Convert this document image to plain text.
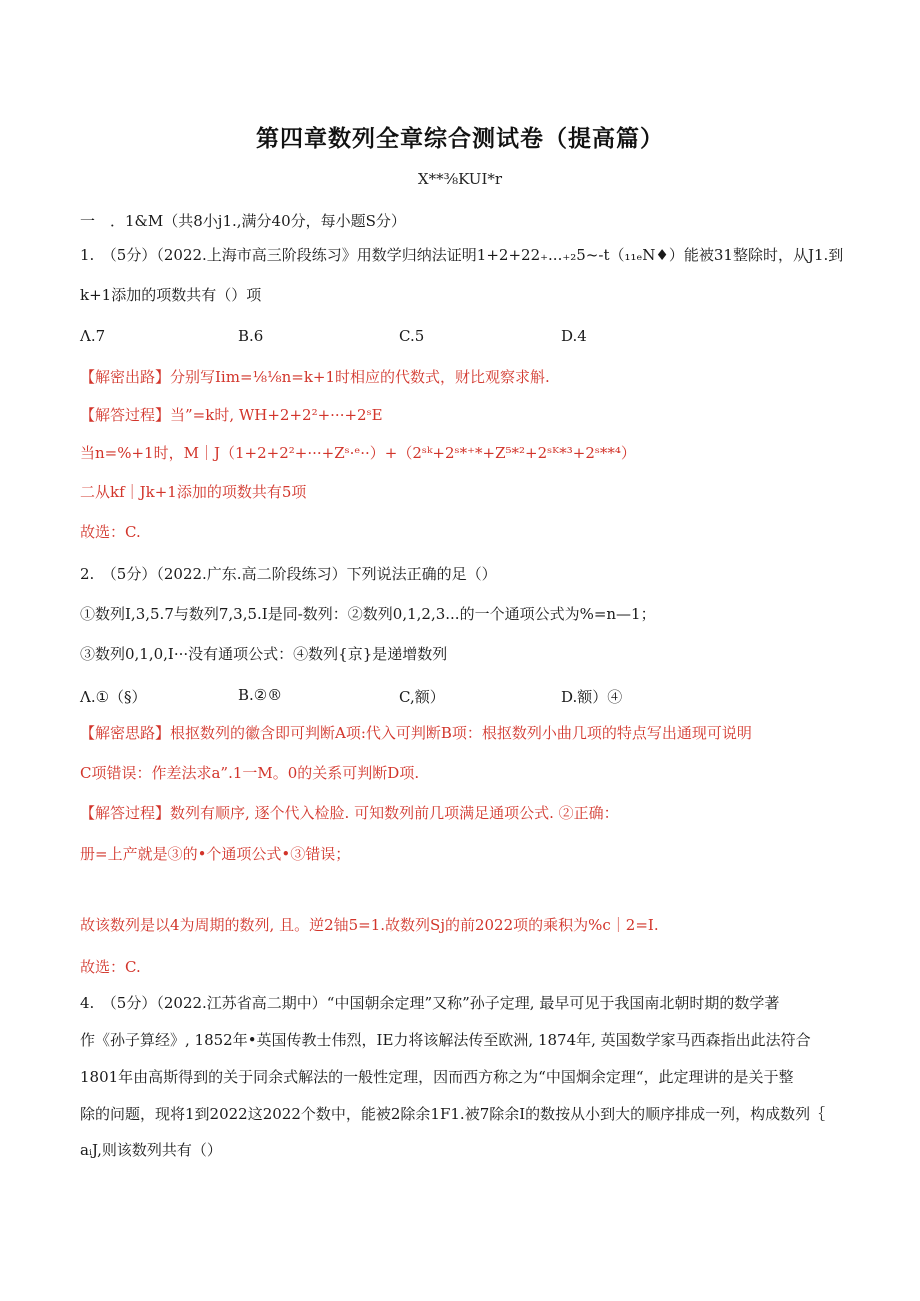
第四章数列全章综合测试卷（提高篇）
X**⅜KUI*r
一　．1&M（共8小j1.,满分40分，每小题S分）
1.　（5分）（2022.上海市高三阶段练习》用数学归纳法证明1+2+22₊...₊₂5~-t（₁₁ₑN♦）能被31整除时，从J1.到
k+1添加的项数共有（）项
Λ.7	B.6	C.5	D.4
【解密出路】分别写Iim=⅛⅛n=k+1时相应的代数式，财比观察求斛.
【解答过程】当”=k时, WH+2+2²+···+2ˢE
当n=%+1时，M｜J（1+2+2²+···+Zˢ·ᵉ··）+（2ˢᵏ+2ˢ*⁺*+Z⁵*²+2ˢᴷ*³+2ˢ**⁴）
二从kf｜Jk+1添加的项数共有5项
故选：C.
2.　（5分）（2022.广东.高二阶段练习）下列说法正确的足（）
①数列I,3,5.7与数列7,3,5.I是同-数列：②数列0,1,2,3...的一个通项公式为%=n—1；
③数列0,1,0,I···没有通项公式：④数列{京}是递增数列
Λ.①（§）	B.②®	C,额）	D.额）④
【解密思路】根抠数列的徽含即可判断A项:代入可判断B项：根抠数列小曲几项的特点写出通现可说明
C项错误：作差法求a”.1一M。0的关系可判断D项.
【解答过程】数列有顺序, 逐个代入检脸. 可知数列前几项满足通项公式. ②正确：
册=上产就是③的•个通项公式•③错误；
故该数列是以4为周期的数列, 且。逆2铀5=1.故数列Sj的前2022项的乘积为%c｜2=I.
故选：C.
4.　（5分）（2022.江苏省高二期中）“中国朝余定理”又称”孙子定理, 最早可见于我国南北朝时期的数学著
作《孙子算经》, 1852年•英国传教士伟烈，IE力将该解法传至欧洲, 1874年, 英国数学家马西森指出此法符合
1801年由高斯得到的关于同余式解法的一般性定理，因而西方称之为“中国烱余定理“，此定理讲的是关于整
除的问题，现将1到2022这2022个数中，能被2除余1F1.被7除余I的数按从小到大的顺序排成一列，构成数列｛
aᵢJ,则该数列共有（）
